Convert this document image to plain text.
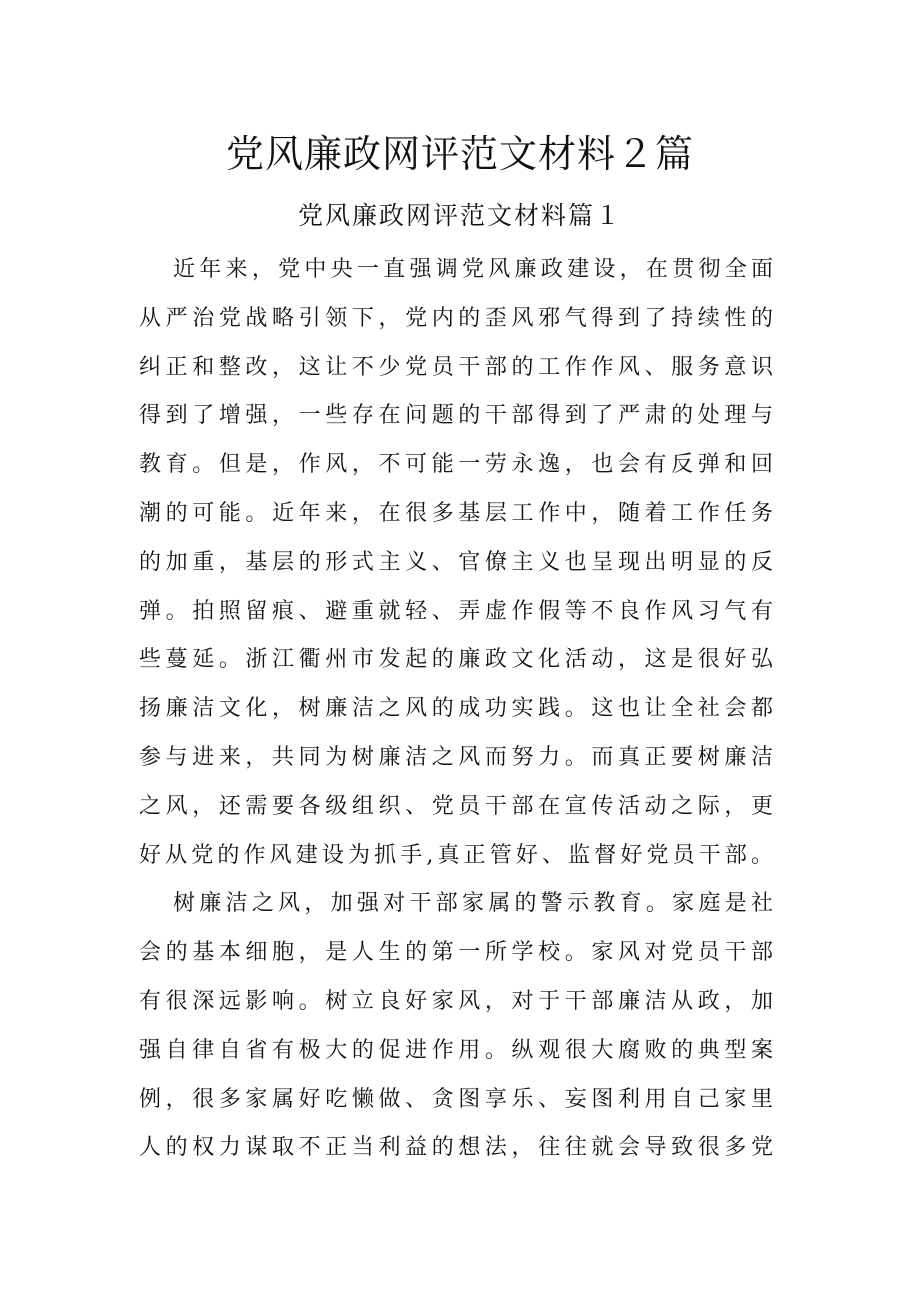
党风廉政网评范文材料２篇
党风廉政网评范文材料篇１
近年来，党中央一直强调党风廉政建设，在贯彻全面
从严治党战略引领下，党内的歪风邪气得到了持续性的
纠正和整改，这让不少党员干部的工作作风、服务意识
得到了增强，一些存在问题的干部得到了严肃的处理与
教育。但是，作风，不可能一劳永逸，也会有反弹和回
潮的可能。近年来，在很多基层工作中，随着工作任务
的加重，基层的形式主义、官僚主义也呈现出明显的反
弹。拍照留痕、避重就轻、弄虚作假等不良作风习气有
些蔓延。浙江衢州市发起的廉政文化活动，这是很好弘
扬廉洁文化，树廉洁之风的成功实践。这也让全社会都
参与进来，共同为树廉洁之风而努力。而真正要树廉洁
之风，还需要各级组织、党员干部在宣传活动之际，更
好从党的作风建设为抓手,真正管好、监督好党员干部。
树廉洁之风，加强对干部家属的警示教育。家庭是社
会的基本细胞，是人生的第一所学校。家风对党员干部
有很深远影响。树立良好家风，对于干部廉洁从政，加
强自律自省有极大的促进作用。纵观很大腐败的典型案
例，很多家属好吃懒做、贪图享乐、妄图利用自己家里
人的权力谋取不正当利益的想法，往往就会导致很多党
